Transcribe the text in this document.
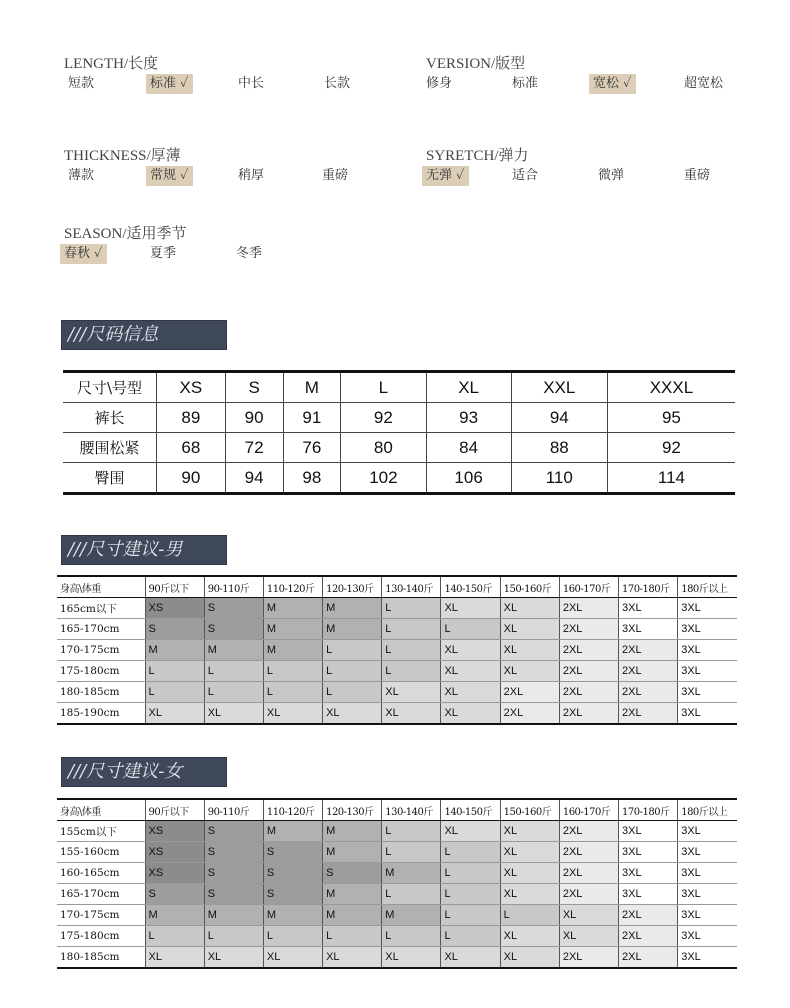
LENGTH/长度
短款	标准 ✓	中长	长款
VERSION/版型
修身	标准	宽松 ✓	超宽松
THICKNESS/厚薄
薄款	常规 ✓	稍厚	重磅
SYRETCH/弹力
无弹 ✓	适合	微弹	重磅
SEASON/适用季节
春秋 ✓	夏季	冬季
///尺码信息
尺寸\号型	XS	S	M	L	XL	XXL	XXXL
裤长	89	90	91	92	93	94	95
腰围松紧	68	72	76	80	84	88	92
臀围	90	94	98	102	106	110	114
///尺寸建议-男
身高\体重	90斤以下	90-110斤	110-120斤	120-130斤	130-140斤	140-150斤	150-160斤	160-170斤	170-180斤	180斤以上
165cm以下	XS	S	M	M	L	XL	XL	2XL	3XL	3XL
165-170cm	S	S	M	M	L	L	XL	2XL	3XL	3XL
170-175cm	M	M	M	L	L	XL	XL	2XL	2XL	3XL
175-180cm	L	L	L	L	L	XL	XL	2XL	2XL	3XL
180-185cm	L	L	L	L	XL	XL	2XL	2XL	2XL	3XL
185-190cm	XL	XL	XL	XL	XL	XL	2XL	2XL	2XL	3XL
///尺寸建议-女
身高\体重	90斤以下	90-110斤	110-120斤	120-130斤	130-140斤	140-150斤	150-160斤	160-170斤	170-180斤	180斤以上
155cm以下	XS	S	M	M	L	XL	XL	2XL	3XL	3XL
155-160cm	XS	S	S	M	L	L	XL	2XL	3XL	3XL
160-165cm	XS	S	S	S	M	L	XL	2XL	3XL	3XL
165-170cm	S	S	S	M	L	L	XL	2XL	3XL	3XL
170-175cm	M	M	M	M	M	L	L	XL	2XL	3XL
175-180cm	L	L	L	L	L	L	XL	XL	2XL	3XL
180-185cm	XL	XL	XL	XL	XL	XL	XL	2XL	2XL	3XL
